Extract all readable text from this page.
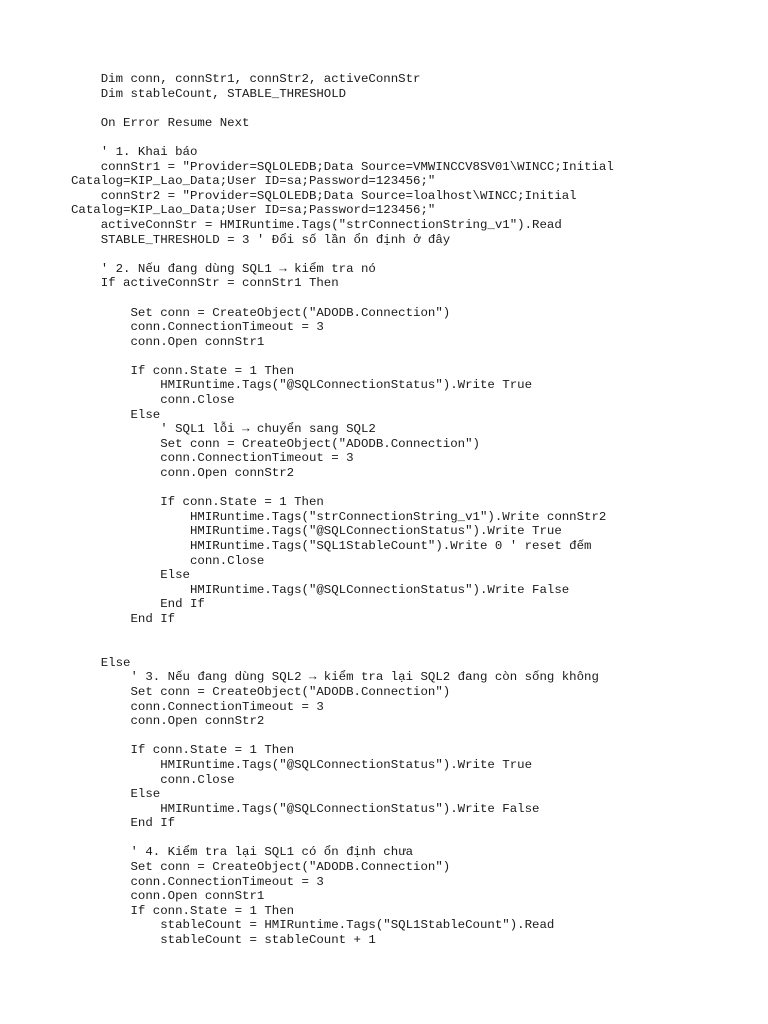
Dim conn, connStr1, connStr2, activeConnStr
Dim stableCount, STABLE_THRESHOLD
On Error Resume Next
' 1. Khai báo
connStr1 = "Provider=SQLOLEDB;Data Source=VMWINCCV8SV01\WINCC;Initial
Catalog=KIP_Lao_Data;User ID=sa;Password=123456;"
connStr2 = "Provider=SQLOLEDB;Data Source=loalhost\WINCC;Initial
Catalog=KIP_Lao_Data;User ID=sa;Password=123456;"
activeConnStr = HMIRuntime.Tags("strConnectionString_v1").Read
STABLE_THRESHOLD = 3 ' Đổi số lần ổn định ở đây
' 2. Nếu đang dùng SQL1 → kiểm tra nó
If activeConnStr = connStr1 Then
Set conn = CreateObject("ADODB.Connection")
conn.ConnectionTimeout = 3
conn.Open connStr1
If conn.State = 1 Then
HMIRuntime.Tags("@SQLConnectionStatus").Write True
conn.Close
Else
' SQL1 lỗi → chuyển sang SQL2
Set conn = CreateObject("ADODB.Connection")
conn.ConnectionTimeout = 3
conn.Open connStr2
If conn.State = 1 Then
HMIRuntime.Tags("strConnectionString_v1").Write connStr2
HMIRuntime.Tags("@SQLConnectionStatus").Write True
HMIRuntime.Tags("SQL1StableCount").Write 0 ' reset đếm
conn.Close
Else
HMIRuntime.Tags("@SQLConnectionStatus").Write False
End If
End If
Else
' 3. Nếu đang dùng SQL2 → kiểm tra lại SQL2 đang còn sống không
Set conn = CreateObject("ADODB.Connection")
conn.ConnectionTimeout = 3
conn.Open connStr2
If conn.State = 1 Then
HMIRuntime.Tags("@SQLConnectionStatus").Write True
conn.Close
Else
HMIRuntime.Tags("@SQLConnectionStatus").Write False
End If
' 4. Kiểm tra lại SQL1 có ổn định chưa
Set conn = CreateObject("ADODB.Connection")
conn.ConnectionTimeout = 3
conn.Open connStr1
If conn.State = 1 Then
stableCount = HMIRuntime.Tags("SQL1StableCount").Read
stableCount = stableCount + 1
